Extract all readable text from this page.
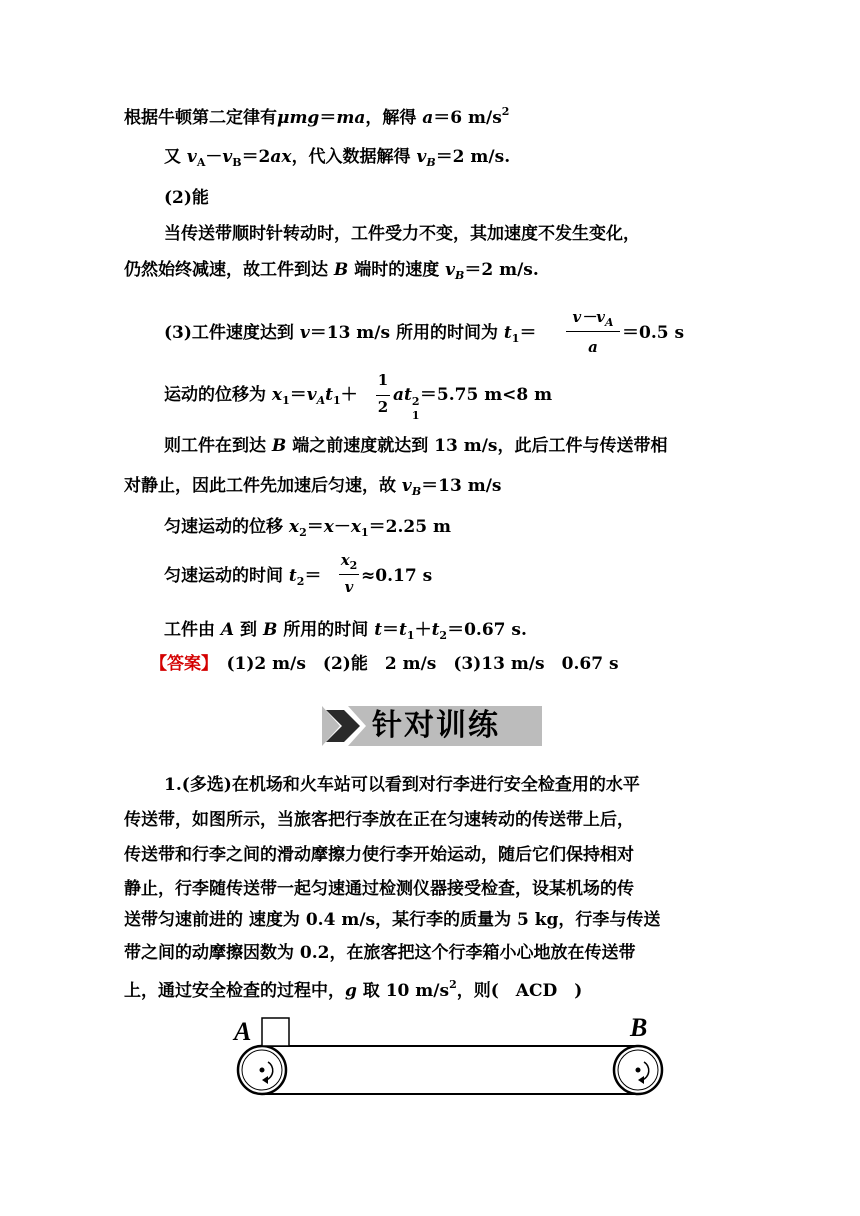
根据牛顿第二定律有μmg＝ma，解得 a＝6 $m/s^2$
又 $v_A-v_B=2ax$，代入数据解得 $v_B=2$ m/s.
(2)能
当传送带顺时针转动时，工件受力不变，其加速度不发生变化，
仍然始终减速，故工件到达 B 端时的速度 $v_B=2$ m/s.
(3)工件速度达到 v＝13 m/s 所用的时间为 $t_1=$
$v-v_A$
a
＝0.5 s
运动的位移为 $x_1=v_At_1+$
1
2
at 2
1
＝5.75 m<8 m
则工件在到达 B 端之前速度就达到 13 m/s，此后工件与传送带相
对静止，因此工件先加速后匀速，故 $v_B=13$ m/s
匀速运动的位移 $x_2=x-x_1=2.25$ m
匀速运动的时间 $t_2=$
$x_2$
v
≈0.17 s
工件由 A 到 B 所用的时间 $t=t_1+t_2=0.67$ s.
【答案】　(1)2 m/s　(2)能　2 m/s　(3)13 m/s　0.67 s
针对训练
1.(多选)在机场和火车站可以看到对行李进行安全检查用的水平
传送带，如图所示，当旅客把行李放在正在匀速转动的传送带上后，
传送带和行李之间的滑动摩擦力使行李开始运动，随后它们保持相对
静止，行李随传送带一起匀速通过检测仪器接受检查，设某机场的传
送带匀速前进的 速度为 0.4 m/s，某行李的质量为 5 kg，行李与传送
带之间的动摩擦因数为 0.2，在旅客把这个行李箱小心地放在传送带
上，通过安全检查的过程中，g 取 10 $m/s^2$，则(　ACD　)
A	B
